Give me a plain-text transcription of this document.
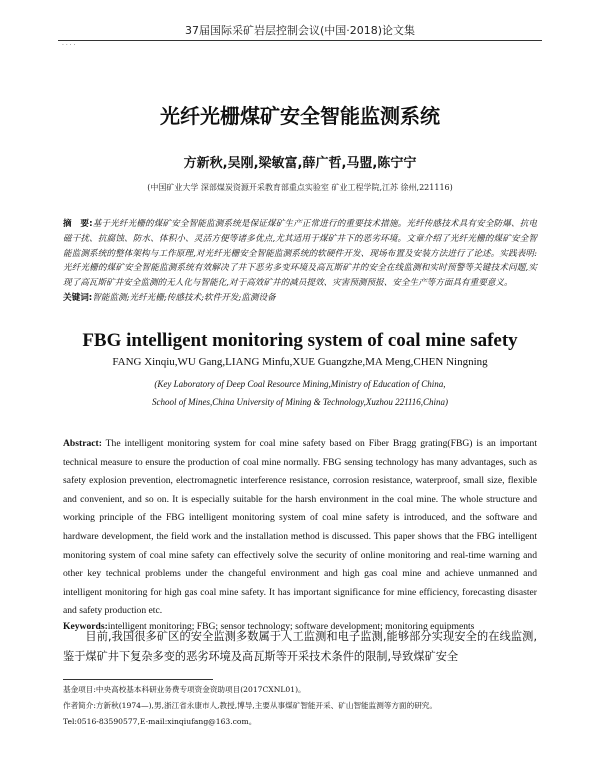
37届国际采矿岩层控制会议(中国·2018)论文集
· · · ·
光纤光栅煤矿安全智能监测系统
方新秋,吴刚,梁敏富,薛广哲,马盟,陈宁宁
(中国矿业大学 深部煤炭资源开采教育部重点实验室 矿业工程学院,江苏 徐州,221116)
摘　要:基于光纤光栅的煤矿安全智能监测系统是保证煤矿生产正常进行的重要技术措施。光纤传感技术具有安全防爆、抗电磁干扰、抗腐蚀、防水、体积小、灵活方便等诸多优点,尤其适用于煤矿井下的恶劣环境。文章介绍了光纤光栅的煤矿安全智能监测系统的整体架构与工作原理,对光纤光栅安全智能监测系统的软硬件开发、现场布置及安装方法进行了论述。实践表明:光纤光栅的煤矿安全智能监测系统有效解决了井下恶劣多变环境及高瓦斯矿井的安全在线监测和实时预警等关键技术问题,实现了高瓦斯矿井安全监测的无人化与智能化,对于高效矿井的减员提效、灾害预测预报、安全生产等方面具有重要意义。
关键词:智能监测;光纤光栅;传感技术;软件开发;监测设备
FBG intelligent monitoring system of coal mine safety
FANG Xinqiu,WU Gang,LIANG Minfu,XUE Guangzhe,MA Meng,CHEN Ningning
(Key Laboratory of Deep Coal Resource Mining,Ministry of Education of China,
School of Mines,China University of Mining & Technology,Xuzhou 221116,China)
Abstract: The intelligent monitoring system for coal mine safety based on Fiber Bragg grating(FBG) is an important technical measure to ensure the production of coal mine normally. FBG sensing technology has many advantages, such as safety explosion prevention, electromagnetic interference resistance, corrosion resistance, waterproof, small size, flexible and convenient, and so on. It is especially suitable for the harsh environment in the coal mine. The whole structure and working principle of the FBG intelligent monitoring system of coal mine safety is introduced, and the software and hardware development, the field work and the installation method is discussed. This paper shows that the FBG intelligent monitoring system of coal mine safety can effectively solve the security of online monitoring and real-time warning and other key technical problems under the changeful environment and high gas coal mine and achieve unmanned and intelligent monitoring for high gas coal mine safety. It has important significance for mine efficiency, forecasting disaster and safety production etc.
Keywords:intelligent monitoring; FBG; sensor technology; software development; monitoring equipments
目前,我国很多矿区的安全监测多数属于人工监测和电子监测,能够部分实现安全的在线监测,鉴于煤矿井下复杂多变的恶劣环境及高瓦斯等开采技术条件的限制,导致煤矿安全
基金项目:中央高校基本科研业务费专项资金资助项目(2017CXNL01)。
作者简介:方新秋(1974—),男,浙江省永康市人,教授,博导,主要从事煤矿智能开采、矿山智能监测等方面的研究。
Tel:0516-83590577,E-mail:xinqiufang@163.com。
